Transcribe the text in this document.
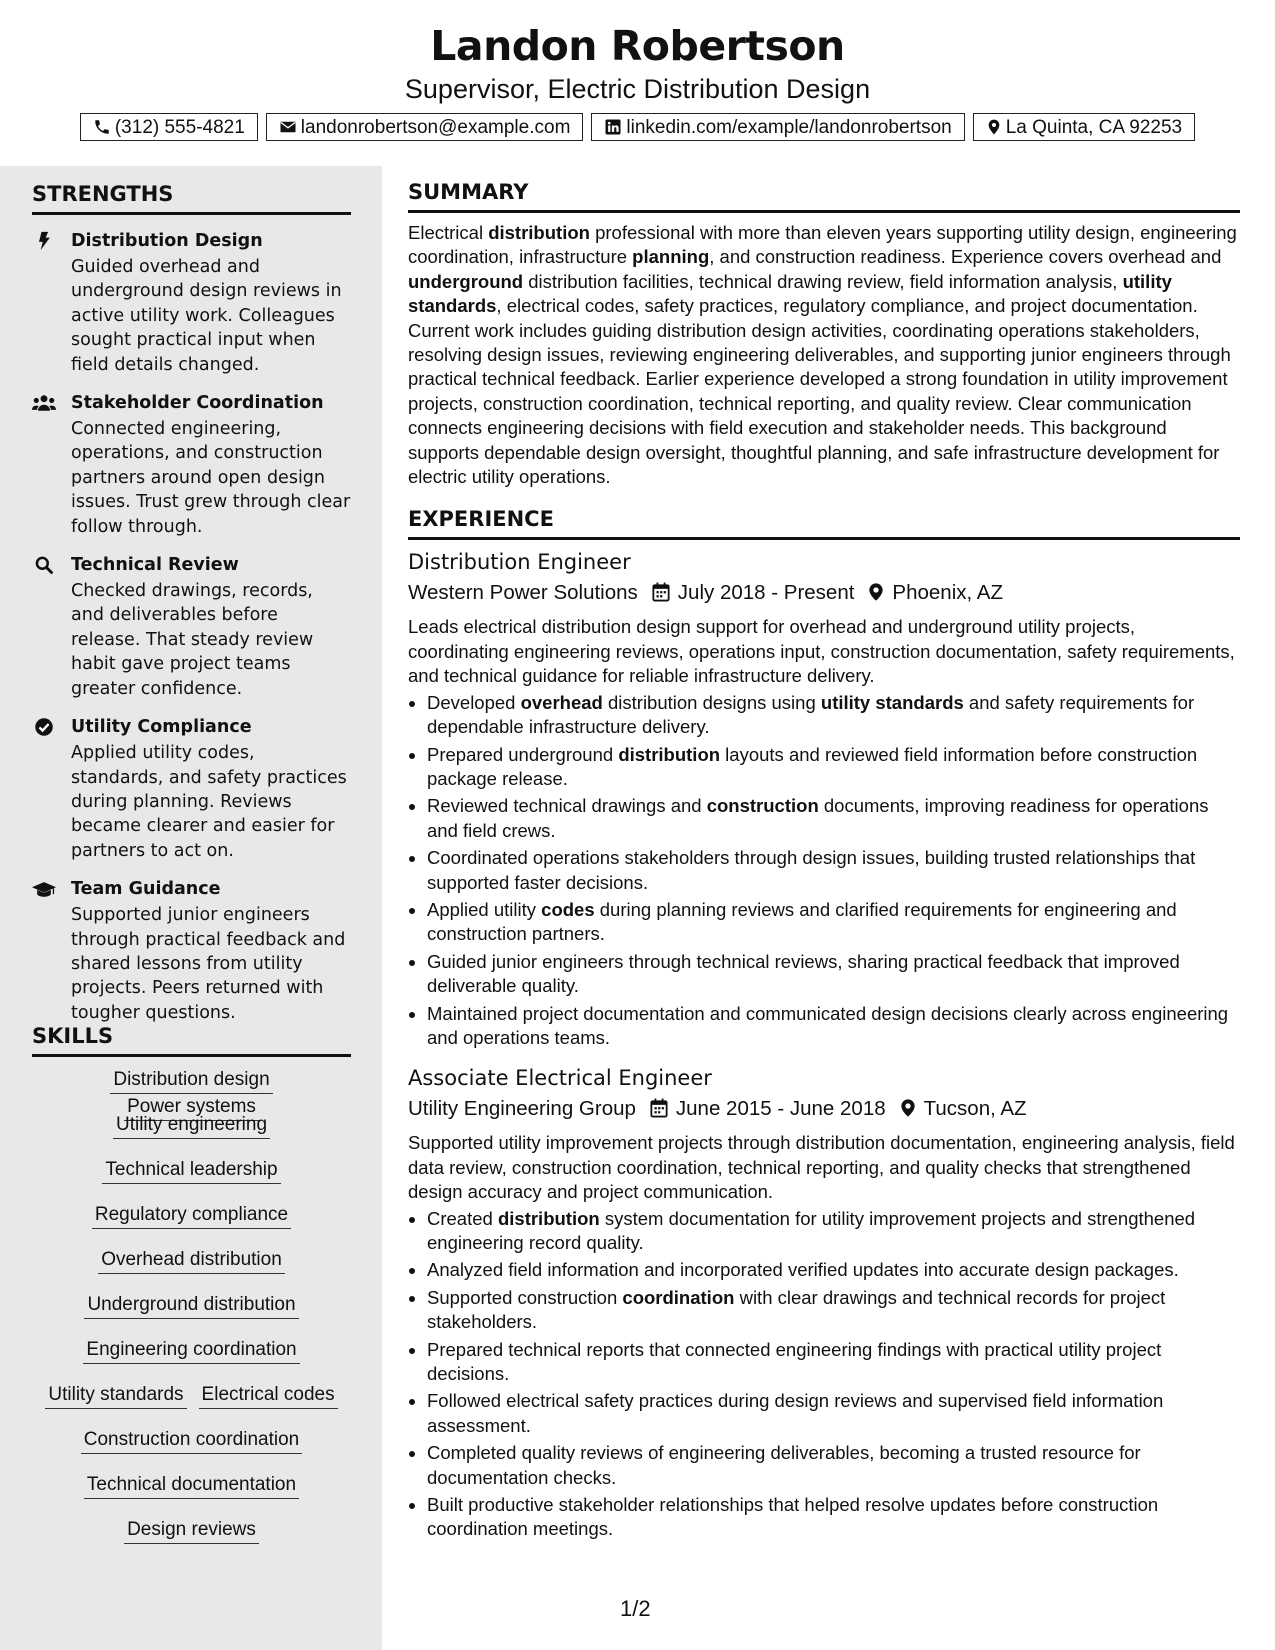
Landon Robertson
Supervisor, Electric Distribution Design
(312) 555-4821	landonrobertson@example.com	linkedin.com/example/landonrobertson	La Quinta, CA 92253
STRENGTHS
Distribution Design
Guided overhead and underground design reviews in active utility work. Colleagues sought practical input when field details changed.
Stakeholder Coordination
Connected engineering, operations, and construction partners around open design issues. Trust grew through clear follow through.
Technical Review
Checked drawings, records, and deliverables before release. That steady review habit gave project teams greater confidence.
Utility Compliance
Applied utility codes, standards, and safety practices during planning. Reviews became clearer and easier for partners to act on.
Team Guidance
Supported junior engineers through practical feedback and shared lessons from utility projects. Peers returned with tougher questions.
SKILLS
Distribution designPower systems
Utility engineering
Technical leadership
Regulatory compliance
Overhead distribution
Underground distribution
Engineering coordination
Utility standards Electrical codes
Construction coordination
Technical documentation
Design reviews
SUMMARY
Electrical distribution professional with more than eleven years supporting utility design, engineering coordination, infrastructure planning, and construction readiness. Experience covers overhead and underground distribution facilities, technical drawing review, field information analysis, utility standards, electrical codes, safety practices, regulatory compliance, and project documentation. Current work includes guiding distribution design activities, coordinating operations stakeholders, resolving design issues, reviewing engineering deliverables, and supporting junior engineers through practical technical feedback. Earlier experience developed a strong foundation in utility improvement projects, construction coordination, technical reporting, and quality review. Clear communication connects engineering decisions with field execution and stakeholder needs. This background supports dependable design oversight, thoughtful planning, and safe infrastructure development for electric utility operations.
EXPERIENCE
Distribution Engineer
Western Power Solutions July 2018 - Present Phoenix, AZ
Leads electrical distribution design support for overhead and underground utility projects, coordinating engineering reviews, operations input, construction documentation, safety requirements, and technical guidance for reliable infrastructure delivery.
• Developed overhead distribution designs using utility standards and safety requirements for dependable infrastructure delivery.
• Prepared underground distribution layouts and reviewed field information before construction package release.
• Reviewed technical drawings and construction documents, improving readiness for operations and field crews.
• Coordinated operations stakeholders through design issues, building trusted relationships that supported faster decisions.
• Applied utility codes during planning reviews and clarified requirements for engineering and construction partners.
• Guided junior engineers through technical reviews, sharing practical feedback that improved deliverable quality.
• Maintained project documentation and communicated design decisions clearly across engineering and operations teams.
Associate Electrical Engineer
Utility Engineering Group June 2015 - June 2018 Tucson, AZ
Supported utility improvement projects through distribution documentation, engineering analysis, field data review, construction coordination, technical reporting, and quality checks that strengthened design accuracy and project communication.
• Created distribution system documentation for utility improvement projects and strengthened engineering record quality.
• Analyzed field information and incorporated verified updates into accurate design packages.
• Supported construction coordination with clear drawings and technical records for project stakeholders.
• Prepared technical reports that connected engineering findings with practical utility project decisions.
• Followed electrical safety practices during design reviews and supervised field information assessment.
• Completed quality reviews of engineering deliverables, becoming a trusted resource for documentation checks.
• Built productive stakeholder relationships that helped resolve updates before construction coordination meetings.
1/2
